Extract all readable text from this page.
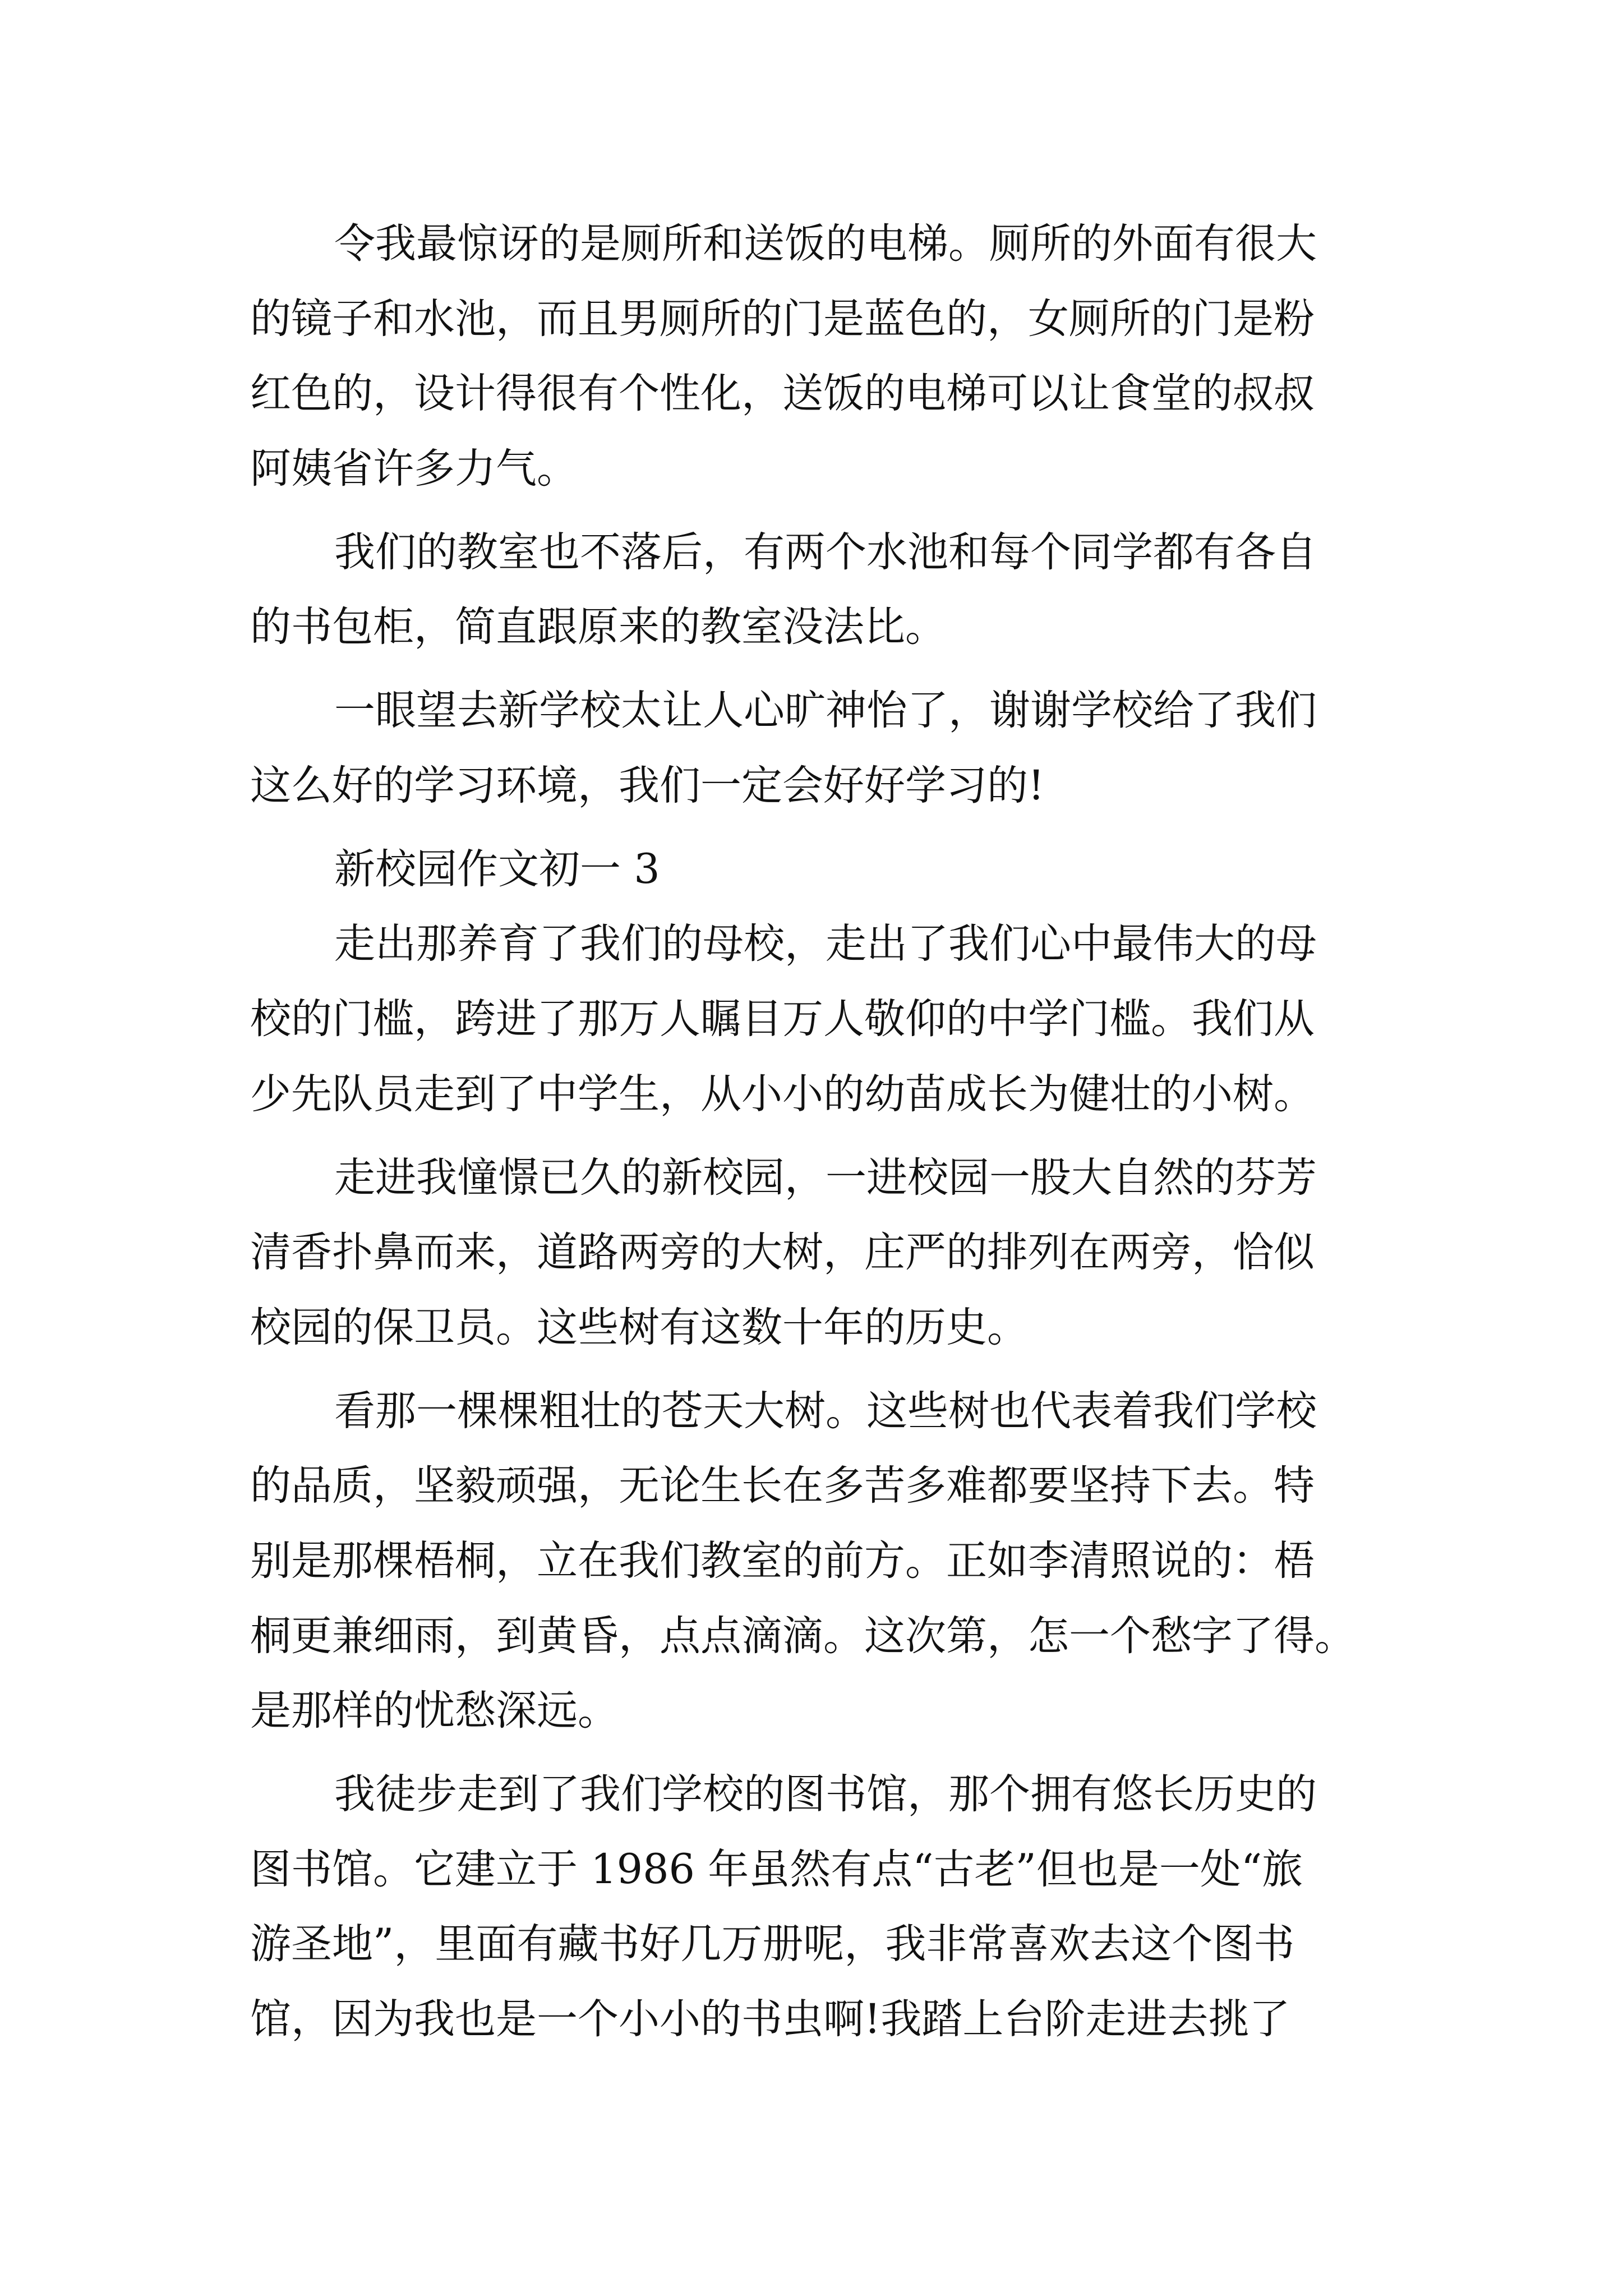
令我最惊讶的是厕所和送饭的电梯。厕所的外面有很大

的镜子和水池，而且男厕所的门是蓝色的，女厕所的门是粉

红色的，设计得很有个性化，送饭的电梯可以让食堂的叔叔

阿姨省许多力气。

我们的教室也不落后，有两个水池和每个同学都有各自

的书包柜，简直跟原来的教室没法比。

一眼望去新学校太让人心旷神怡了，谢谢学校给了我们

这么好的学习环境，我们一定会好好学习的!

新校园作文初一 3

走出那养育了我们的母校，走出了我们心中最伟大的母

校的门槛，跨进了那万人瞩目万人敬仰的中学门槛。我们从

少先队员走到了中学生，从小小的幼苗成长为健壮的小树。

走进我憧憬已久的新校园，一进校园一股大自然的芬芳

清香扑鼻而来，道路两旁的大树，庄严的排列在两旁，恰似

校园的保卫员。这些树有这数十年的历史。

看那一棵棵粗壮的苍天大树。这些树也代表着我们学校

的品质，坚毅顽强，无论生长在多苦多难都要坚持下去。特

别是那棵梧桐，立在我们教室的前方。正如李清照说的：梧

桐更兼细雨，到黄昏，点点滴滴。这次第，怎一个愁字了得。

是那样的忧愁深远。

我徒步走到了我们学校的图书馆，那个拥有悠长历史的

图书馆。它建立于 1986 年虽然有点“古老”但也是一处“旅

游圣地”，里面有藏书好几万册呢，我非常喜欢去这个图书

馆，因为我也是一个小小的书虫啊!我踏上台阶走进去挑了
